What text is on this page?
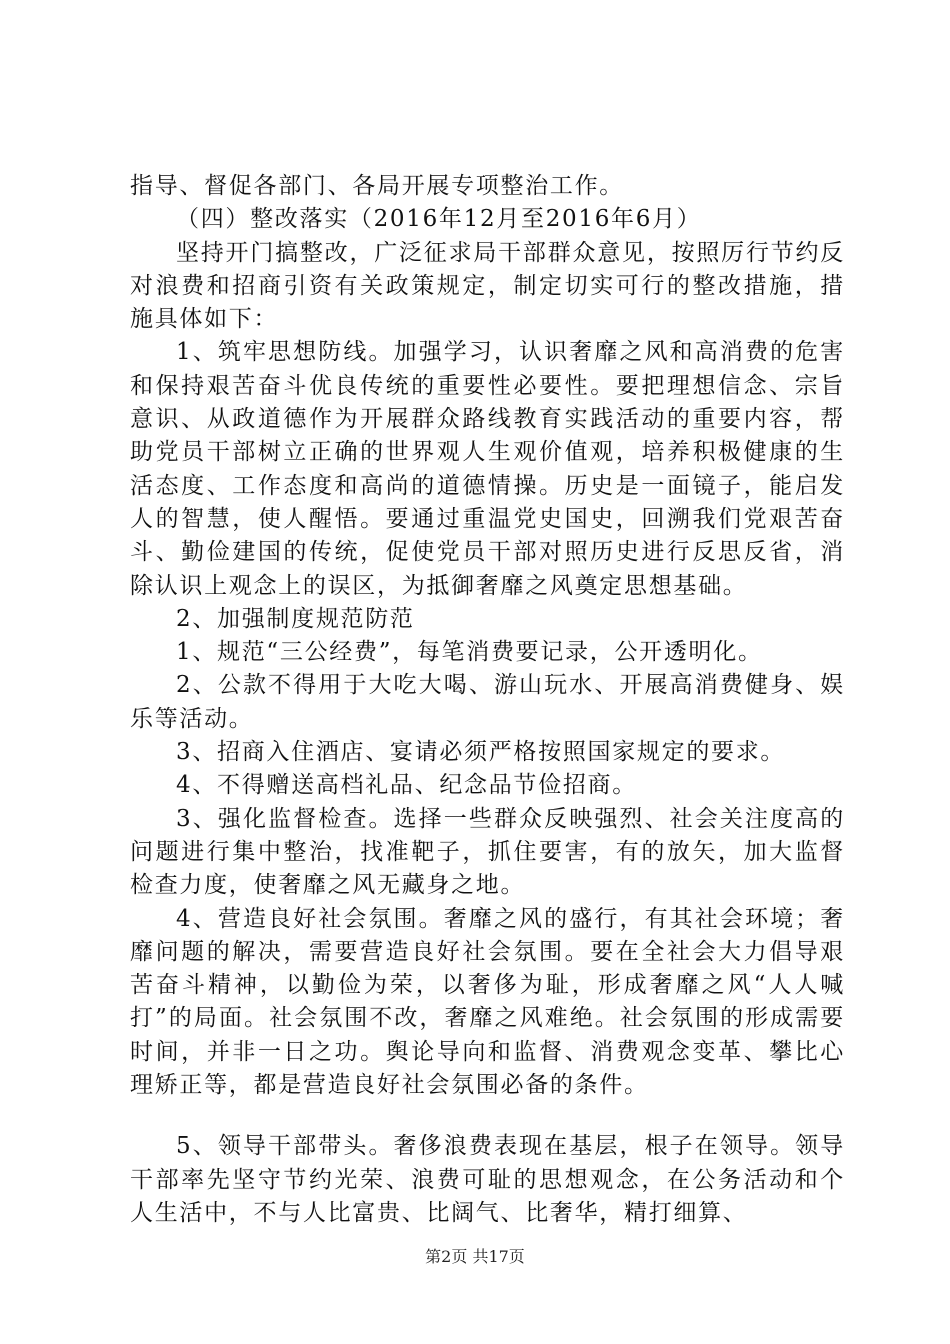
指导、督促各部门、各局开展专项整治工作。

（四）整改落实（2016年12月至2016年6月）

坚持开门搞整改，广泛征求局干部群众意见，按照厉行节约反对浪费和招商引资有关政策规定，制定切实可行的整改措施，措施具体如下：

1、筑牢思想防线。加强学习，认识奢靡之风和高消费的危害和保持艰苦奋斗优良传统的重要性必要性。要把理想信念、宗旨意识、从政道德作为开展群众路线教育实践活动的重要内容，帮助党员干部树立正确的世界观人生观价值观，培养积极健康的生活态度、工作态度和高尚的道德情操。历史是一面镜子，能启发人的智慧，使人醒悟。要通过重温党史国史，回溯我们党艰苦奋斗、勤俭建国的传统，促使党员干部对照历史进行反思反省，消除认识上观念上的误区，为抵御奢靡之风奠定思想基础。

2、加强制度规范防范

1、规范“三公经费”，每笔消费要记录，公开透明化。

2、公款不得用于大吃大喝、游山玩水、开展高消费健身、娱乐等活动。

3、招商入住酒店、宴请必须严格按照国家规定的要求。

4、不得赠送高档礼品、纪念品节俭招商。

3、强化监督检查。选择一些群众反映强烈、社会关注度高的问题进行集中整治，找准靶子，抓住要害，有的放矢，加大监督检查力度，使奢靡之风无藏身之地。

4、营造良好社会氛围。奢靡之风的盛行，有其社会环境；奢靡问题的解决，需要营造良好社会氛围。要在全社会大力倡导艰苦奋斗精神，以勤俭为荣，以奢侈为耻，形成奢靡之风“人人喊打”的局面。社会氛围不改，奢靡之风难绝。社会氛围的形成需要时间，并非一日之功。舆论导向和监督、消费观念变革、攀比心理矫正等，都是营造良好社会氛围必备的条件。

5、领导干部带头。奢侈浪费表现在基层，根子在领导。领导干部率先坚守节约光荣、浪费可耻的思想观念，在公务活动和个人生活中，不与人比富贵、比阔气、比奢华，精打细算、

第2页 共17页
